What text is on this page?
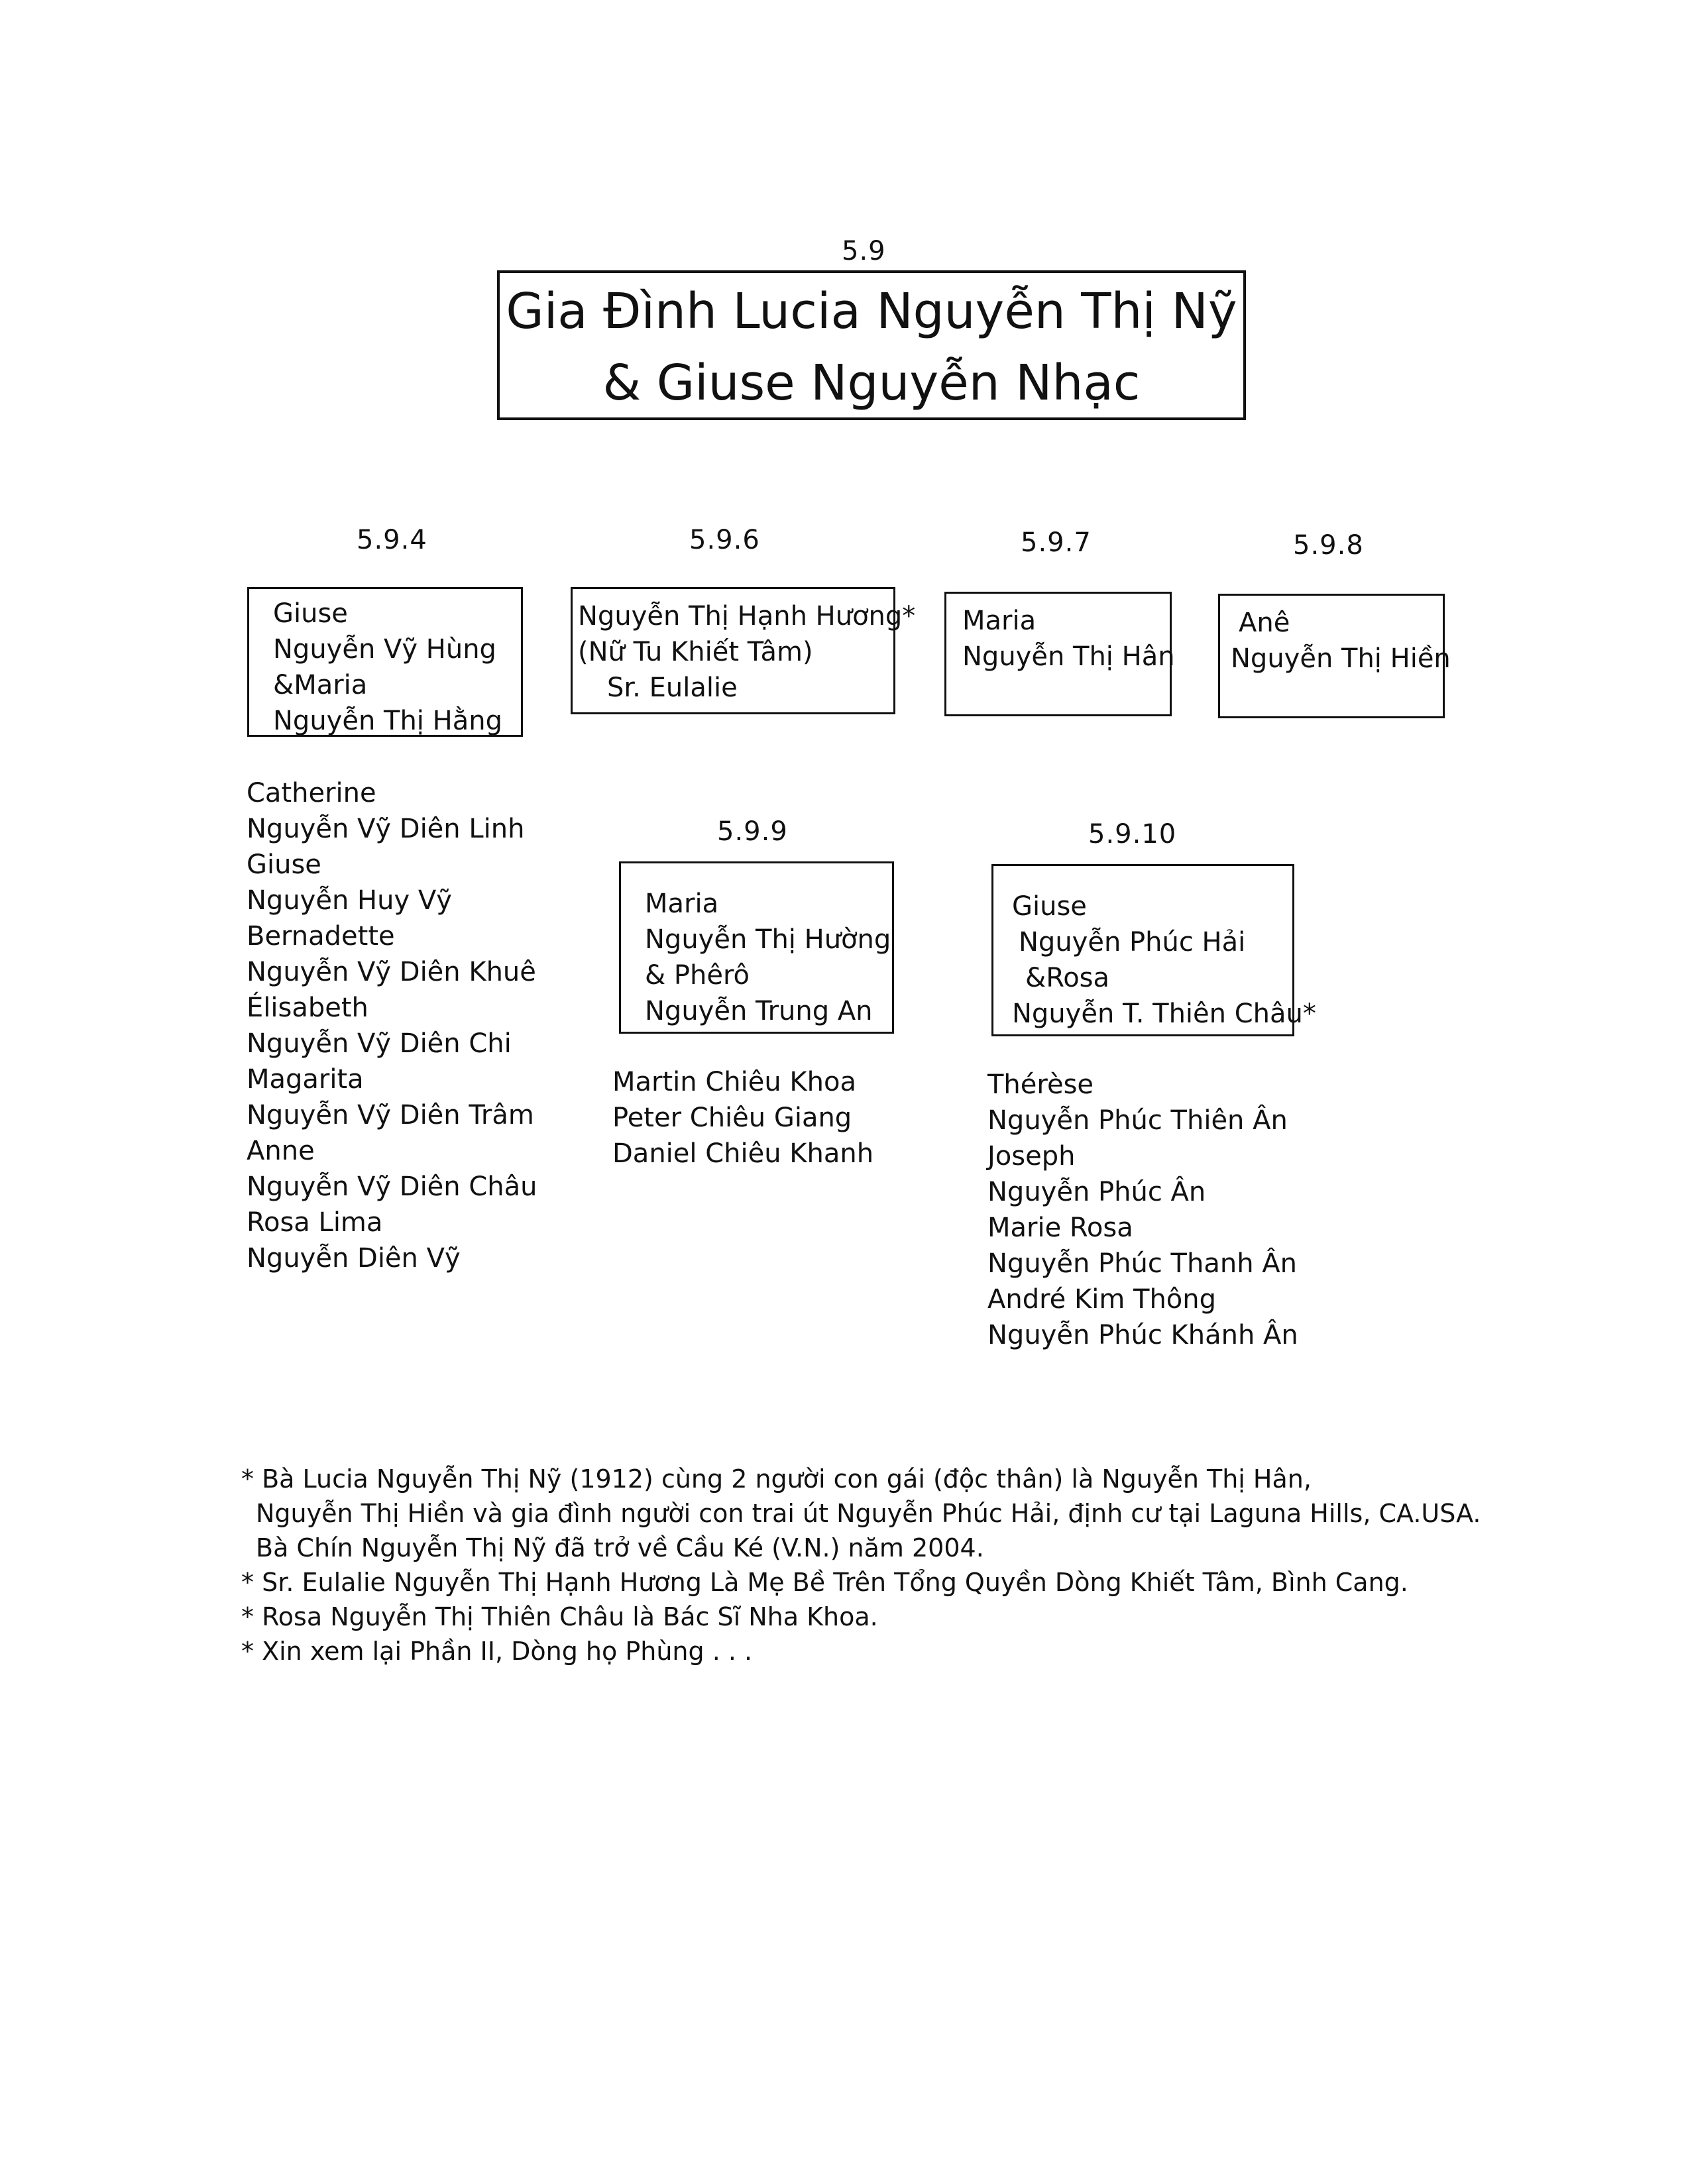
5.9
Gia Đình Lucia Nguyễn Thị Nỹ
& Giuse Nguyễn Nhạc
5.9.4
Giuse
Nguyễn Vỹ Hùng
&Maria
Nguyễn Thị Hằng
Catherine
Nguyễn Vỹ Diên Linh
Giuse
Nguyễn Huy Vỹ
Bernadette
Nguyễn Vỹ Diên Khuê
Élisabeth
Nguyễn Vỹ Diên Chi
Magarita
Nguyễn Vỹ Diên Trâm
Anne
Nguyễn Vỹ Diên Châu
Rosa Lima
Nguyễn Diên Vỹ
5.9.6
Nguyễn Thị Hạnh Hương*
(Nữ Tu Khiết Tâm)
Sr. Eulalie
5.9.7
Maria
Nguyễn Thị Hân
5.9.8
Anê
Nguyễn Thị Hiền
5.9.9
Maria
Nguyễn Thị Hường
& Phêrô
Nguyễn Trung An
Martin Chiêu Khoa
Peter Chiêu Giang
Daniel Chiêu Khanh
5.9.10
Giuse
Nguyễn Phúc Hải
&Rosa
Nguyễn T. Thiên Châu*
Thérèse
Nguyễn Phúc Thiên Ân
Joseph
Nguyễn Phúc Ân
Marie Rosa
Nguyễn Phúc Thanh Ân
André Kim Thông
Nguyễn Phúc Khánh Ân
* Bà Lucia Nguyễn Thị Nỹ (1912) cùng 2 người con gái (độc thân) là Nguyễn Thị Hân,
Nguyễn Thị Hiền và gia đình người con trai út Nguyễn Phúc Hải, định cư tại Laguna Hills, CA.USA.
Bà Chín Nguyễn Thị Nỹ đã trở về Cầu Ké (V.N.) năm 2004.
* Sr. Eulalie Nguyễn Thị Hạnh Hương Là Mẹ Bề Trên Tổng Quyền Dòng Khiết Tâm, Bình Cang.
* Rosa Nguyễn Thị Thiên Châu là Bác Sĩ Nha Khoa.
* Xin xem lại Phần II, Dòng họ Phùng . . .
